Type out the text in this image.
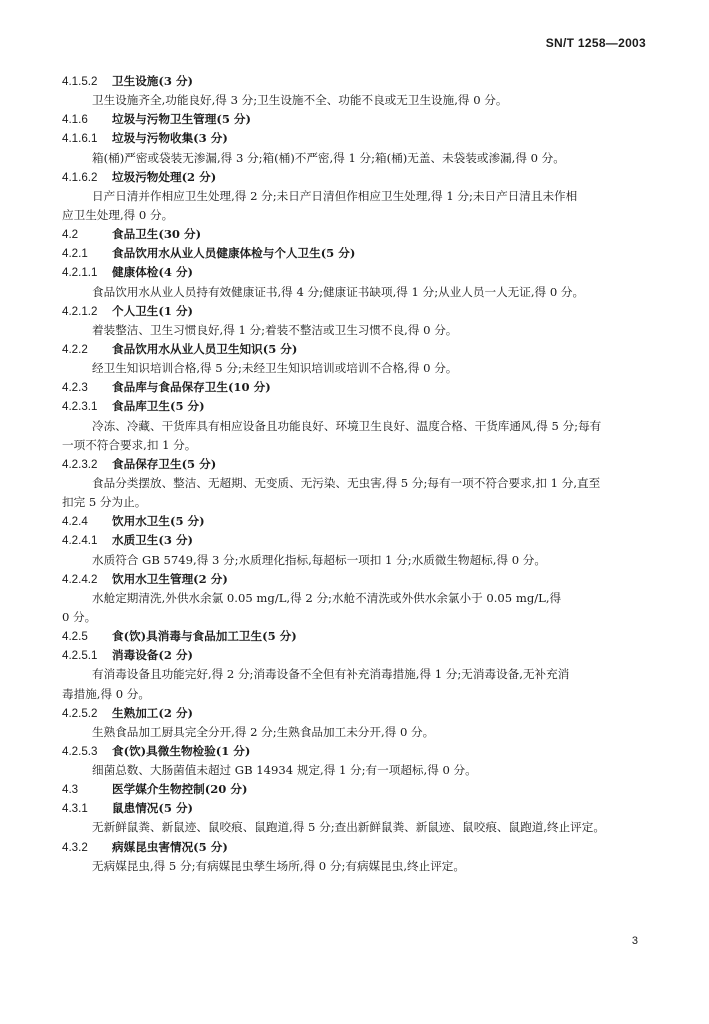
SN/T 1258—2003
4.1.5.2 卫生设施(3 分)
卫生设施齐全,功能良好,得 3 分;卫生设施不全、功能不良或无卫生设施,得 0 分。
4.1.6 垃圾与污物卫生管理(5 分)
4.1.6.1 垃圾与污物收集(3 分)
箱(桶)严密或袋装无渗漏,得 3 分;箱(桶)不严密,得 1 分;箱(桶)无盖、未袋装或渗漏,得 0 分。
4.1.6.2 垃圾污物处理(2 分)
日产日清并作相应卫生处理,得 2 分;未日产日清但作相应卫生处理,得 1 分;未日产日清且未作相
应卫生处理,得 0 分。
4.2	食品卫生(30 分)
4.2.1 食品饮用水从业人员健康体检与个人卫生(5 分)
4.2.1.1 健康体检(4 分)
食品饮用水从业人员持有效健康证书,得 4 分;健康证书缺项,得 1 分;从业人员一人无证,得 0 分。
4.2.1.2 个人卫生(1 分)
着装整洁、卫生习惯良好,得 1 分;着装不整洁或卫生习惯不良,得 0 分。
4.2.2 食品饮用水从业人员卫生知识(5 分)
经卫生知识培训合格,得 5 分;未经卫生知识培训或培训不合格,得 0 分。
4.2.3 食品库与食品保存卫生(10 分)
4.2.3.1 食品库卫生(5 分)
冷冻、冷藏、干货库具有相应设备且功能良好、环境卫生良好、温度合格、干货库通风,得 5 分;每有
一项不符合要求,扣 1 分。
4.2.3.2 食品保存卫生(5 分)
食品分类摆放、整洁、无超期、无变质、无污染、无虫害,得 5 分;每有一项不符合要求,扣 1 分,直至
扣完 5 分为止。
4.2.4 饮用水卫生(5 分)
4.2.4.1 水质卫生(3 分)
水质符合 GB 5749,得 3 分;水质理化指标,每超标一项扣 1 分;水质微生物超标,得 0 分。
4.2.4.2 饮用水卫生管理(2 分)
水舱定期清洗,外供水余氯 0.05 mg/L,得 2 分;水舱不清洗或外供水余氯小于 0.05 mg/L,得
0 分。
4.2.5 食(饮)具消毒与食品加工卫生(5 分)
4.2.5.1 消毒设备(2 分)
有消毒设备且功能完好,得 2 分;消毒设备不全但有补充消毒措施,得 1 分;无消毒设备,无补充消
毒措施,得 0 分。
4.2.5.2 生熟加工(2 分)
生熟食品加工厨具完全分开,得 2 分;生熟食品加工未分开,得 0 分。
4.2.5.3 食(饮)具微生物检验(1 分)
细菌总数、大肠菌值未超过 GB 14934 规定,得 1 分;有一项超标,得 0 分。
4.3	医学媒介生物控制(20 分)
4.3.1 鼠患情况(5 分)
无新鲜鼠粪、新鼠迹、鼠咬痕、鼠跑道,得 5 分;查出新鲜鼠粪、新鼠迹、鼠咬痕、鼠跑道,终止评定。
4.3.2 病媒昆虫害情况(5 分)
无病媒昆虫,得 5 分;有病媒昆虫孳生场所,得 0 分;有病媒昆虫,终止评定。
3
